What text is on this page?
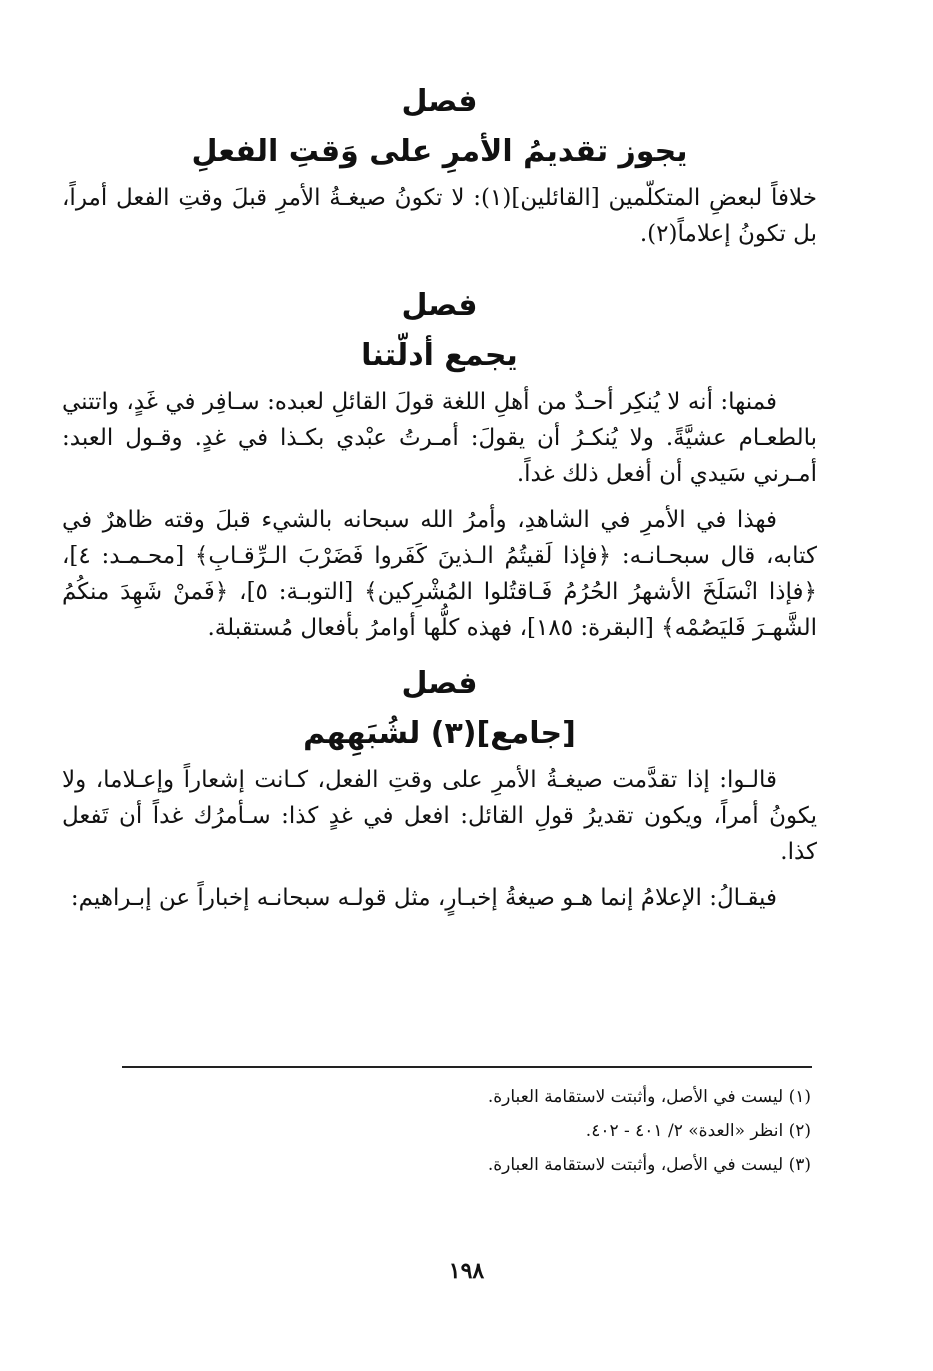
فصل
يجوز تقديمُ الأمرِ على وَقتِ الفعلِ

خلافاً لبعضِ المتكلّمين [القائلين](١): لا تكونُ صيغـةُ الأمرِ قبلَ وقتِ الفعل أمراً، بل تكونُ إعلاماً(٢).

فصل
يجمع أدلّتنا

فمنها: أنه لا يُنكِر أحـدٌ من أهلِ اللغة قولَ القائلِ لعبده: سـافِر في غَدٍ، واتتني بالطعـام عشيَّةً. ولا يُنكـرُ أن يقولَ: أمـرتُ عبْدي بكـذا في غدٍ. وقـول العبد: أمـرني سَيدي أن أفعل ذلك غداً.

فهذا في الأمرِ في الشاهدِ، وأمرُ الله سبحانه بالشيء قبلَ وقته ظاهرٌ في كتابه، قال سبحـانـه: ﴿فإذا لَقيتُمُ الـذينَ كَفَروا فَضَرْبَ الـرِّقـابِ﴾ [محـمـد: ٤]، ﴿فإذا انْسَلَخَ الأشهرُ الحُرُمُ فَـاقتُلوا المُشْرِكين﴾ [التوبـة: ٥]، ﴿فَمنْ شَهِدَ منكُمُ الشَّهـرَ فَليَصُمْه﴾ [البقرة: ١٨٥]، فهذه كلُّها أوامرُ بأفعال مُستقبلة.

فصل
[جامع](٣) لشُبَهِهم

قالـوا: إذا تقدَّمت صيغـةُ الأمرِ على وقتِ الفعل، كـانت إشعاراً وإعـلاما، ولا يكونُ أمراً، ويكون تقديرُ قولِ القائل: افعل في غدٍ كذا: سـأمرُك غداً أن تَفعل كذا.

فيقـالُ: الإعلامُ إنما هـو صيغةُ إخبـارٍ، مثل قولـه سبحانـه إخباراً عن إبـراهيم:

(١) ليست في الأصل، وأثبتت لاستقامة العبارة.
(٢) انظر «العدة» ٢/ ٤٠١ - ٤٠٢.
(٣) ليست في الأصل، وأثبتت لاستقامة العبارة.
١٩٨
